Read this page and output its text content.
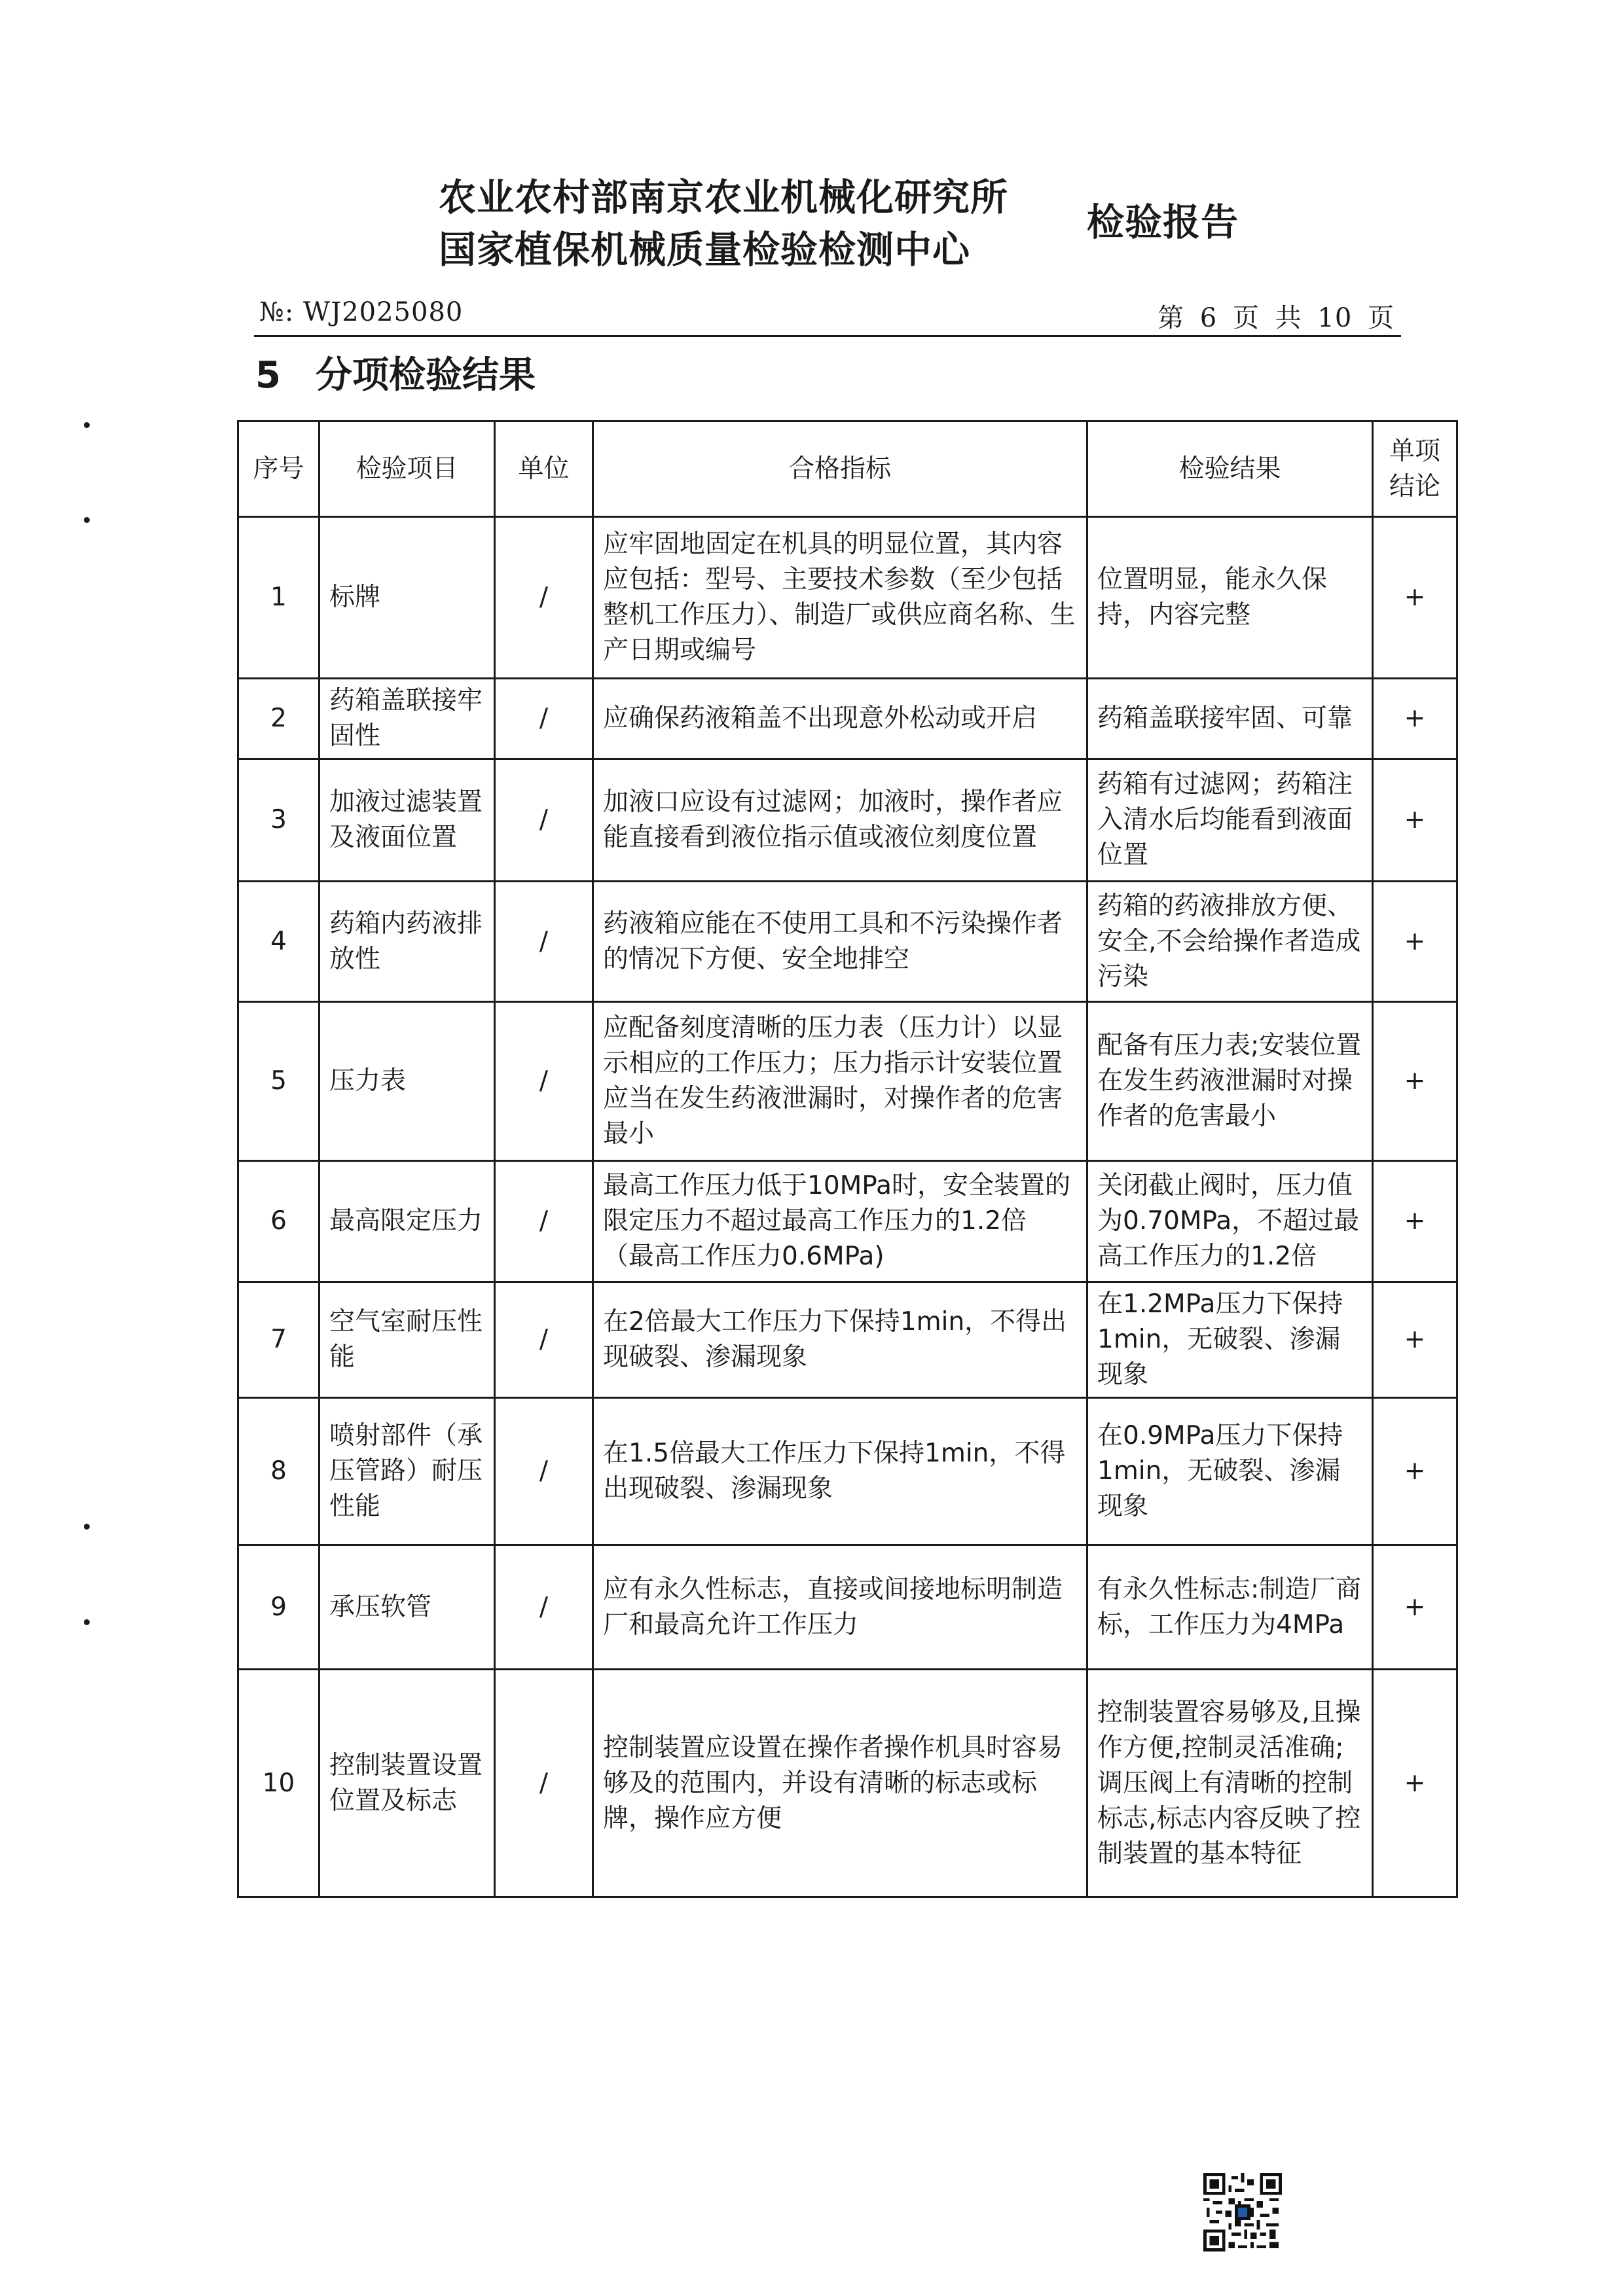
农业农村部南京农业机械化研究所
国家植保机械质量检验检测中心
检验报告
№: WJ2025080	第 6 页 共 10 页
5 分项检验结果
序号	检验项目	单位	合格指标	检验结果	单项结论
1	标牌	/	应牢固地固定在机具的明显位置，其内容应包括：型号、主要技术参数（至少包括整机工作压力）、制造厂或供应商名称、生产日期或编号	位置明显，能永久保持，内容完整	+
2	药箱盖联接牢固性	/	应确保药液箱盖不出现意外松动或开启	药箱盖联接牢固、可靠	+
3	加液过滤装置及液面位置	/	加液口应设有过滤网；加液时，操作者应能直接看到液位指示值或液位刻度位置	药箱有过滤网；药箱注入清水后均能看到液面位置	+
4	药箱内药液排放性	/	药液箱应能在不使用工具和不污染操作者的情况下方便、安全地排空	药箱的药液排放方便、安全,不会给操作者造成污染	+
5	压力表	/	应配备刻度清晰的压力表（压力计）以显示相应的工作压力；压力指示计安装位置应当在发生药液泄漏时，对操作者的危害最小	配备有压力表;安装位置在发生药液泄漏时对操作者的危害最小	+
6	最高限定压力	/	最高工作压力低于10MPa时，安全装置的限定压力不超过最高工作压力的1.2倍（最高工作压力0.6MPa)	关闭截止阀时，压力值为0.70MPa，不超过最高工作压力的1.2倍	+
7	空气室耐压性能	/	在2倍最大工作压力下保持1min，不得出现破裂、渗漏现象	在1.2MPa压力下保持1min，无破裂、渗漏现象	+
8	喷射部件（承压管路）耐压性能	/	在1.5倍最大工作压力下保持1min，不得出现破裂、渗漏现象	在0.9MPa压力下保持1min，无破裂、渗漏现象	+
9	承压软管	/	应有永久性标志，直接或间接地标明制造厂和最高允许工作压力	有永久性标志:制造厂商标，工作压力为4MPa	+
10	控制装置设置位置及标志	/	控制装置应设置在操作者操作机具时容易够及的范围内，并设有清晰的标志或标牌，操作应方便	控制装置容易够及,且操作方便,控制灵活准确;调压阀上有清晰的控制标志,标志内容反映了控制装置的基本特征	+
